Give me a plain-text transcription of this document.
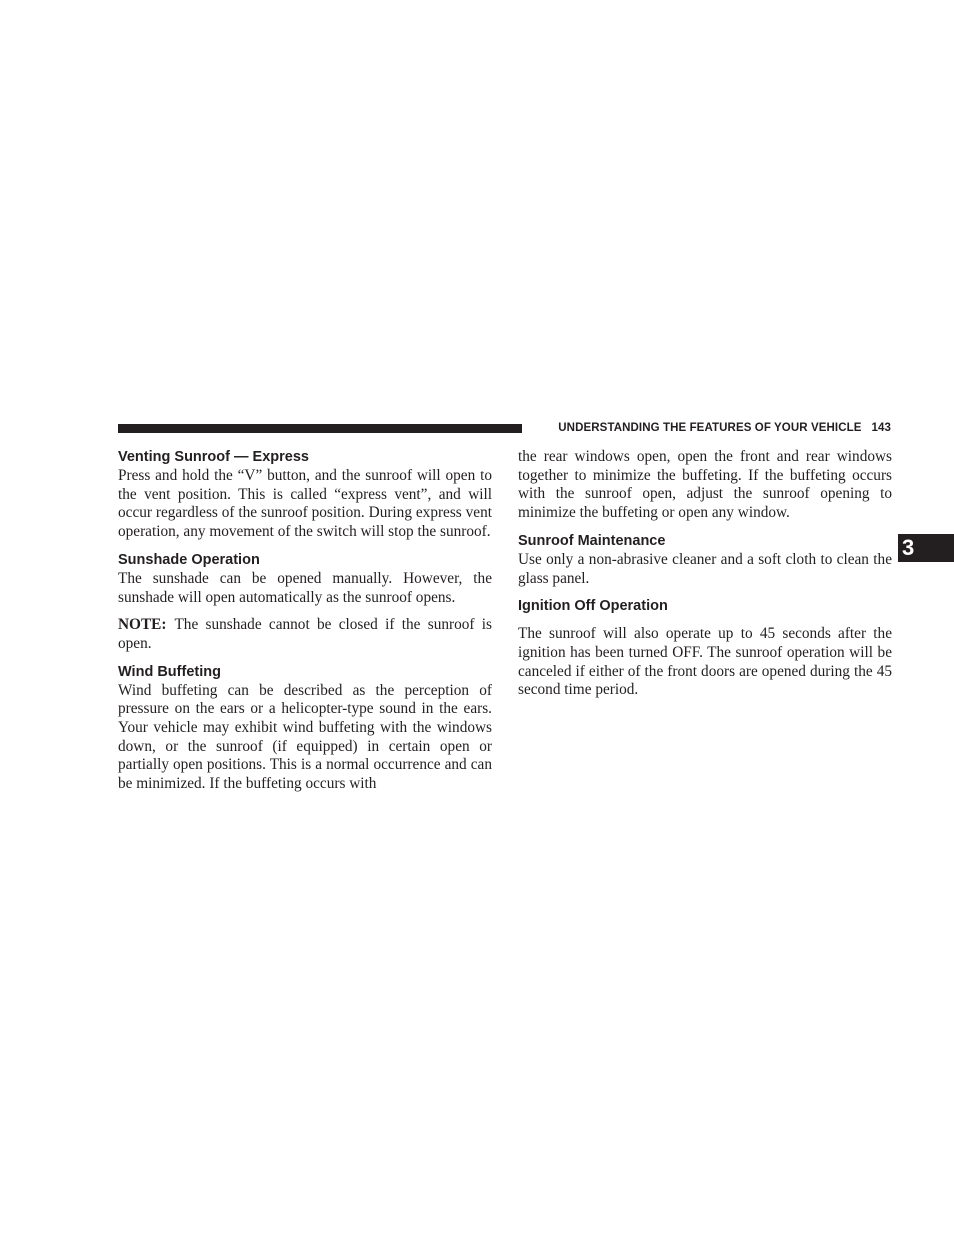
UNDERSTANDING THE FEATURES OF YOUR VEHICLE 143
3
Venting Sunroof — Express

Press and hold the “V” button, and the sunroof will open to the vent position. This is called “express vent”, and will occur regardless of the sunroof position. During express vent operation, any movement of the switch will stop the sunroof.

Sunshade Operation

The sunshade can be opened manually. However, the sunshade will open automatically as the sunroof opens.

NOTE: The sunshade cannot be closed if the sunroof is open.

Wind Buffeting

Wind buffeting can be described as the perception of pressure on the ears or a helicopter-type sound in the ears. Your vehicle may exhibit wind buffeting with the windows down, or the sunroof (if equipped) in certain open or partially open positions. This is a normal occurrence and can be minimized. If the buffeting occurs with

the rear windows open, open the front and rear windows together to minimize the buffeting. If the buffeting occurs with the sunroof open, adjust the sunroof opening to minimize the buffeting or open any window.

Sunroof Maintenance

Use only a non-abrasive cleaner and a soft cloth to clean the glass panel.

Ignition Off Operation

The sunroof will also operate up to 45 seconds after the ignition has been turned OFF. The sunroof operation will be canceled if either of the front doors are opened during the 45 second time period.
